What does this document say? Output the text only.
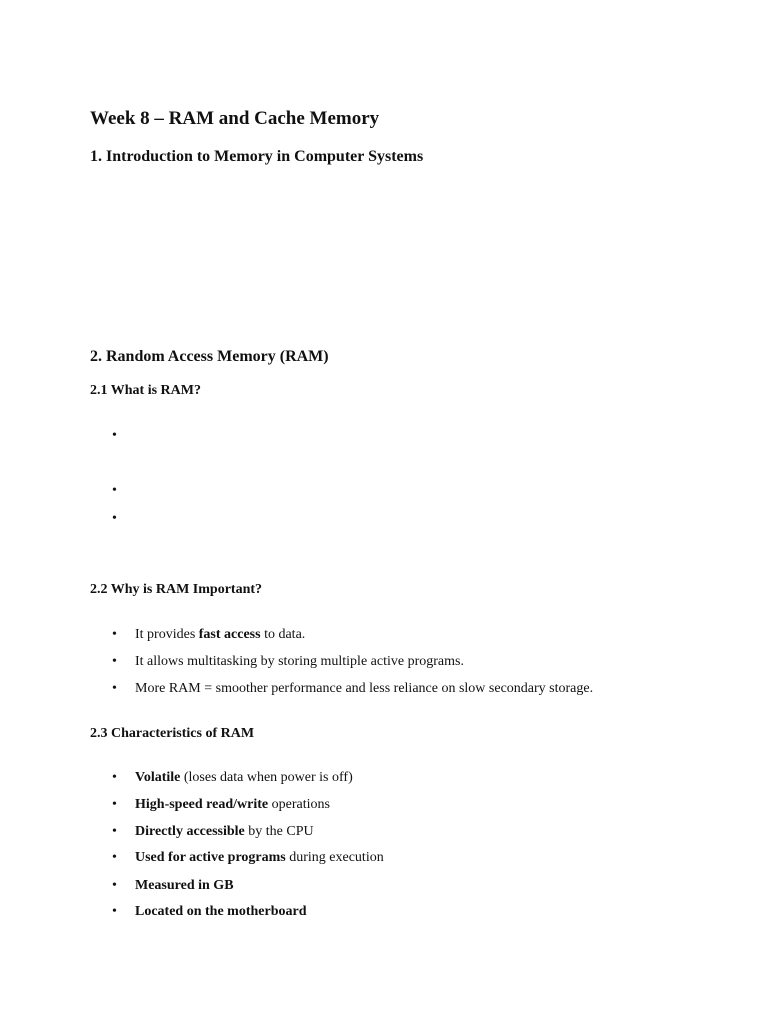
Week 8 – RAM and Cache Memory
1. Introduction to Memory in Computer Systems
2. Random Access Memory (RAM)
2.1 What is RAM?
•
•
•
2.2 Why is RAM Important?
• It provides fast access to data.
• It allows multitasking by storing multiple active programs.
• More RAM = smoother performance and less reliance on slow secondary storage.
2.3 Characteristics of RAM
• Volatile (loses data when power is off)
• High-speed read/write operations
• Directly accessible by the CPU
• Used for active programs during execution
• Measured in GB
• Located on the motherboard
